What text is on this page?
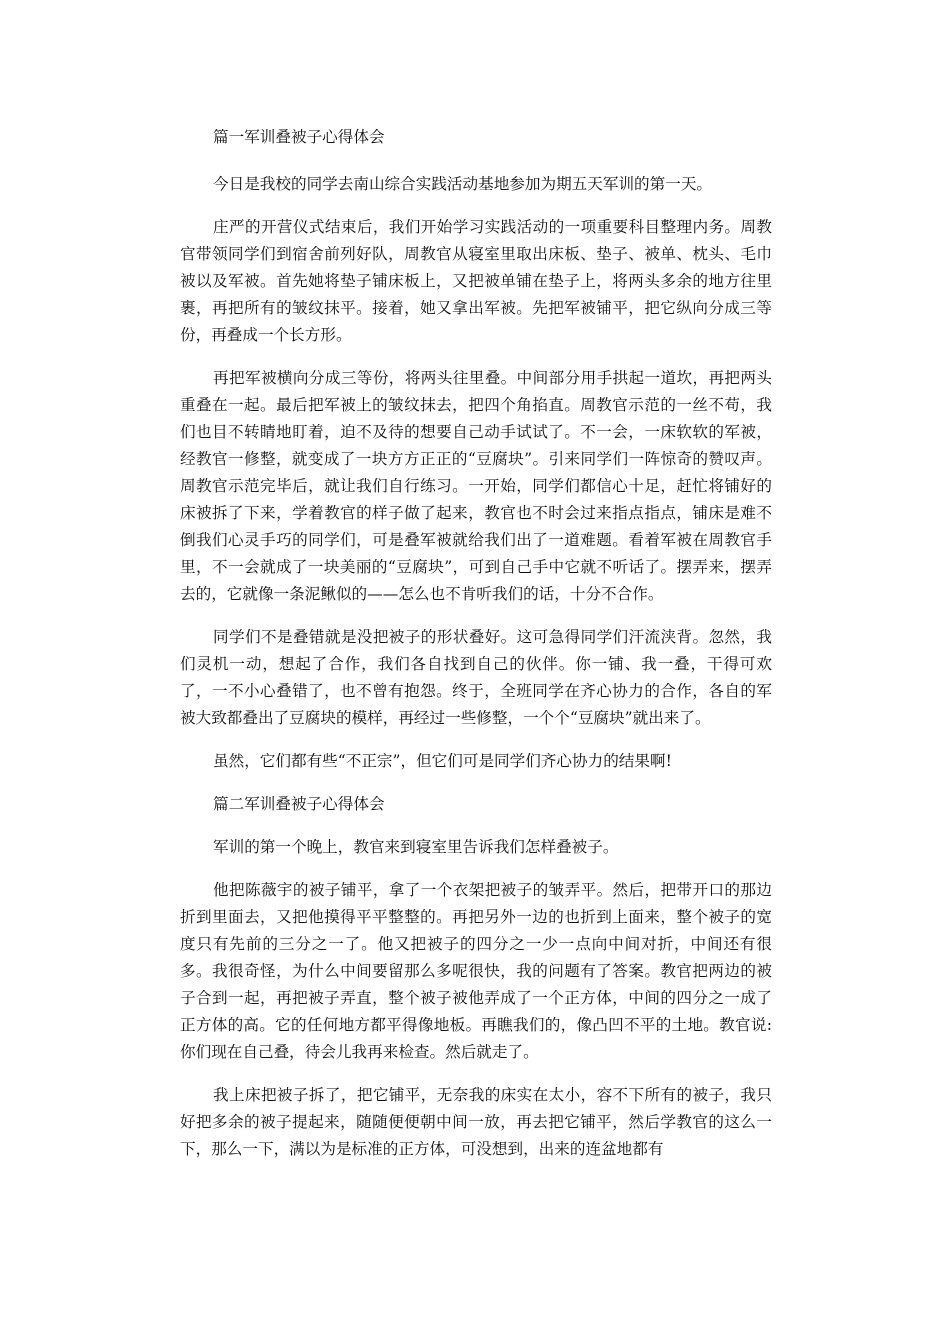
篇一军训叠被子心得体会

今日是我校的同学去南山综合实践活动基地参加为期五天军训的第一天。

庄严的开营仪式结束后，我们开始学习实践活动的一项重要科目整理内务。周教官带领同学们到宿舍前列好队，周教官从寝室里取出床板、垫子、被单、枕头、毛巾被以及军被。首先她将垫子铺床板上，又把被单铺在垫子上，将两头多余的地方往里裹，再把所有的皱纹抹平。接着，她又拿出军被。先把军被铺平，把它纵向分成三等份，再叠成一个长方形。

再把军被横向分成三等份，将两头往里叠。中间部分用手拱起一道坎，再把两头重叠在一起。最后把军被上的皱纹抹去，把四个角掐直。周教官示范的一丝不苟，我们也目不转睛地盯着，迫不及待的想要自己动手试试了。不一会，一床软软的军被，经教官一修整，就变成了一块方方正正的“豆腐块”。引来同学们一阵惊奇的赞叹声。周教官示范完毕后，就让我们自行练习。一开始，同学们都信心十足，赶忙将铺好的床被拆了下来，学着教官的样子做了起来，教官也不时会过来指点指点，铺床是难不倒我们心灵手巧的同学们，可是叠军被就给我们出了一道难题。看着军被在周教官手里，不一会就成了一块美丽的“豆腐块”，可到自己手中它就不听话了。摆弄来，摆弄去的，它就像一条泥鳅似的——怎么也不肯听我们的话，十分不合作。

同学们不是叠错就是没把被子的形状叠好。这可急得同学们汗流浃背。忽然，我们灵机一动，想起了合作，我们各自找到自己的伙伴。你一铺、我一叠，干得可欢了，一不小心叠错了，也不曾有抱怨。终于，全班同学在齐心协力的合作，各自的军被大致都叠出了豆腐块的模样，再经过一些修整，一个个“豆腐块”就出来了。

虽然，它们都有些“不正宗”，但它们可是同学们齐心协力的结果啊!

篇二军训叠被子心得体会

军训的第一个晚上，教官来到寝室里告诉我们怎样叠被子。

他把陈薇宇的被子铺平，拿了一个衣架把被子的皱弄平。然后，把带开口的那边折到里面去，又把他摸得平平整整的。再把另外一边的也折到上面来，整个被子的宽度只有先前的三分之一了。他又把被子的四分之一少一点向中间对折，中间还有很多。我很奇怪，为什么中间要留那么多呢很快，我的问题有了答案。教官把两边的被子合到一起，再把被子弄直，整个被子被他弄成了一个正方体，中间的四分之一成了正方体的高。它的任何地方都平得像地板。再瞧我们的，像凸凹不平的土地。教官说:你们现在自己叠，待会儿我再来检查。然后就走了。

我上床把被子拆了，把它铺平，无奈我的床实在太小，容不下所有的被子，我只好把多余的被子提起来，随随便便朝中间一放，再去把它铺平，然后学教官的这么一下，那么一下，满以为是标准的正方体，可没想到，出来的连盆地都有
